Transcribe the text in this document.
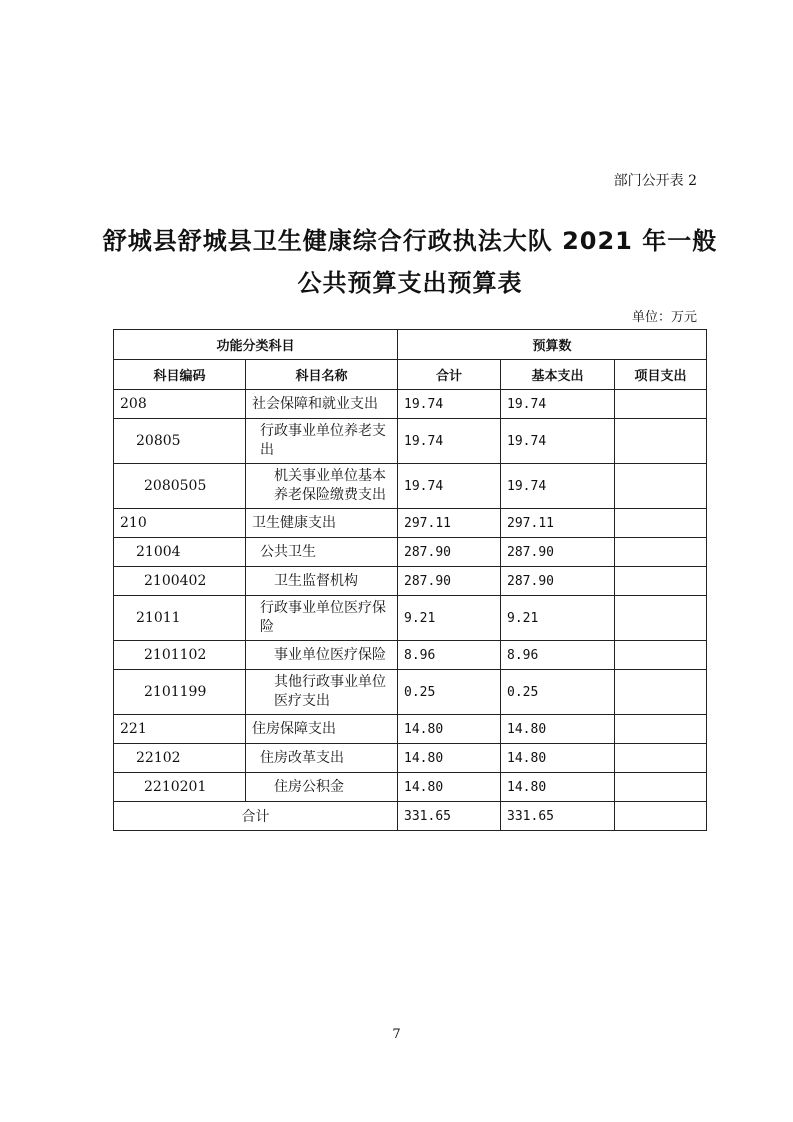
部门公开表 2
舒城县舒城县卫生健康综合行政执法大队 2021 年一般
公共预算支出预算表
单位：万元
功能分类科目		预算数		
科目编码	科目名称	合计	基本支出	项目支出
208	社会保障和就业支出	19.74	19.74	
20805	行政事业单位养老支出	19.74	19.74	
2080505	机关事业单位基本养老保险缴费支出	19.74	19.74	
210	卫生健康支出	297.11	297.11	
21004	公共卫生	287.90	287.90	
2100402	卫生监督机构	287.90	287.90	
21011	行政事业单位医疗保险	9.21	9.21	
2101102	事业单位医疗保险	8.96	8.96	
2101199	其他行政事业单位医疗支出	0.25	0.25	
221	住房保障支出	14.80	14.80	
22102	住房改革支出	14.80	14.80	
2210201	住房公积金	14.80	14.80	
合计		331.65	331.65	
7
